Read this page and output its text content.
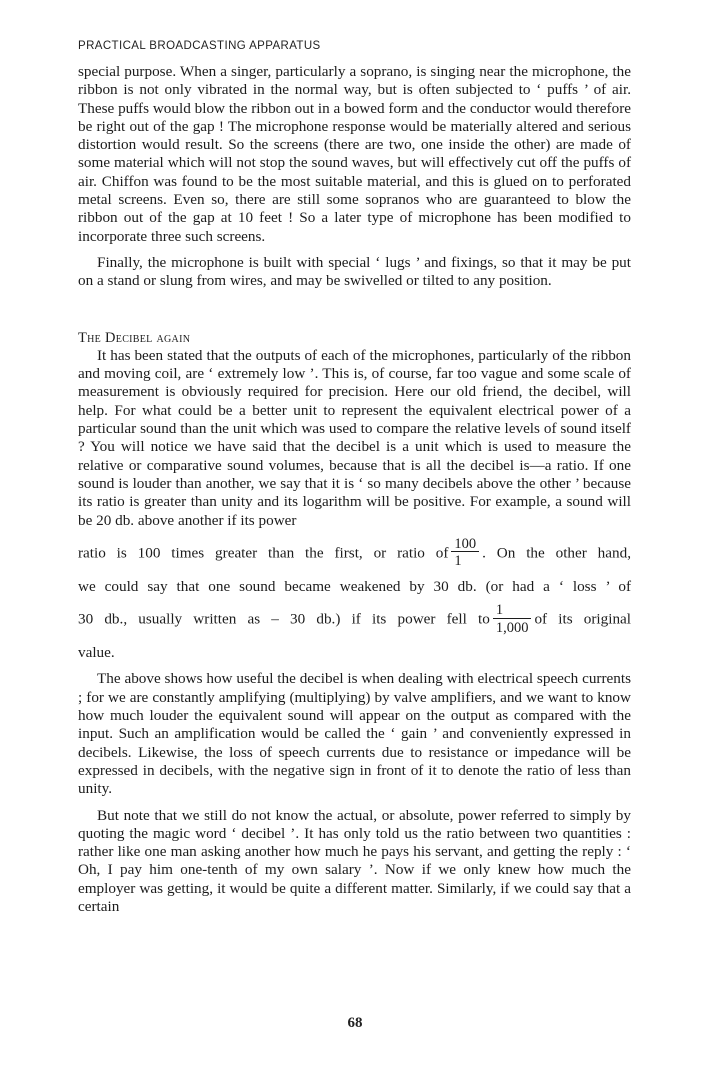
PRACTICAL BROADCASTING APPARATUS

special purpose. When a singer, particularly a soprano, is singing near the microphone, the ribbon is not only vibrated in the normal way, but is often subjected to ‘ puffs ’ of air. These puffs would blow the ribbon out in a bowed form and the conductor would therefore be right out of the gap ! The microphone response would be materially altered and serious distortion would result. So the screens (there are two, one inside the other) are made of some material which will not stop the sound waves, but will effectively cut off the puffs of air. Chiffon was found to be the most suitable material, and this is glued on to perforated metal screens. Even so, there are still some sopranos who are guaranteed to blow the ribbon out of the gap at 10 feet ! So a later type of microphone has been modified to incorporate three such screens.

Finally, the microphone is built with special ‘ lugs ’ and fixings, so that it may be put on a stand or slung from wires, and may be swivelled or tilted to any position.

The Decibel again

It has been stated that the outputs of each of the microphones, particularly of the ribbon and moving coil, are ‘ extremely low ’. This is, of course, far too vague and some scale of measurement is obviously required for precision. Here our old friend, the decibel, will help. For what could be a better unit to represent the equivalent electrical power of a particular sound than the unit which was used to compare the relative levels of sound itself ? You will notice we have said that the decibel is a unit which is used to measure the relative or comparative sound volumes, because that is all the decibel is—a ratio. If one sound is louder than another, we say that it is ‘ so many decibels above the other ’ because its ratio is greater than unity and its logarithm will be positive. For example, a sound will be 20 db. above another if its power

ratio is 100 times greater than the first, or ratio of $\frac{100}{1}$ . On the other hand,

we could say that one sound became weakened by 30 db. (or had a ‘ loss ’ of

30 db., usually written as – 30 db.) if its power fell to $\frac{1}{1,000}$ of its original

value.

The above shows how useful the decibel is when dealing with electrical speech currents ; for we are constantly amplifying (multiplying) by valve amplifiers, and we want to know how much louder the equivalent sound will appear on the output as compared with the input. Such an amplification would be called the ‘ gain ’ and conveniently expressed in decibels. Likewise, the loss of speech currents due to resistance or impedance will be expressed in decibels, with the negative sign in front of it to denote the ratio of less than unity.

But note that we still do not know the actual, or absolute, power referred to simply by quoting the magic word ‘ decibel ’. It has only told us the ratio between two quantities : rather like one man asking another how much he pays his servant, and getting the reply : ‘ Oh, I pay him one-tenth of my own salary ’. Now if we only knew how much the employer was getting, it would be quite a different matter. Similarly, if we could say that a certain

68
